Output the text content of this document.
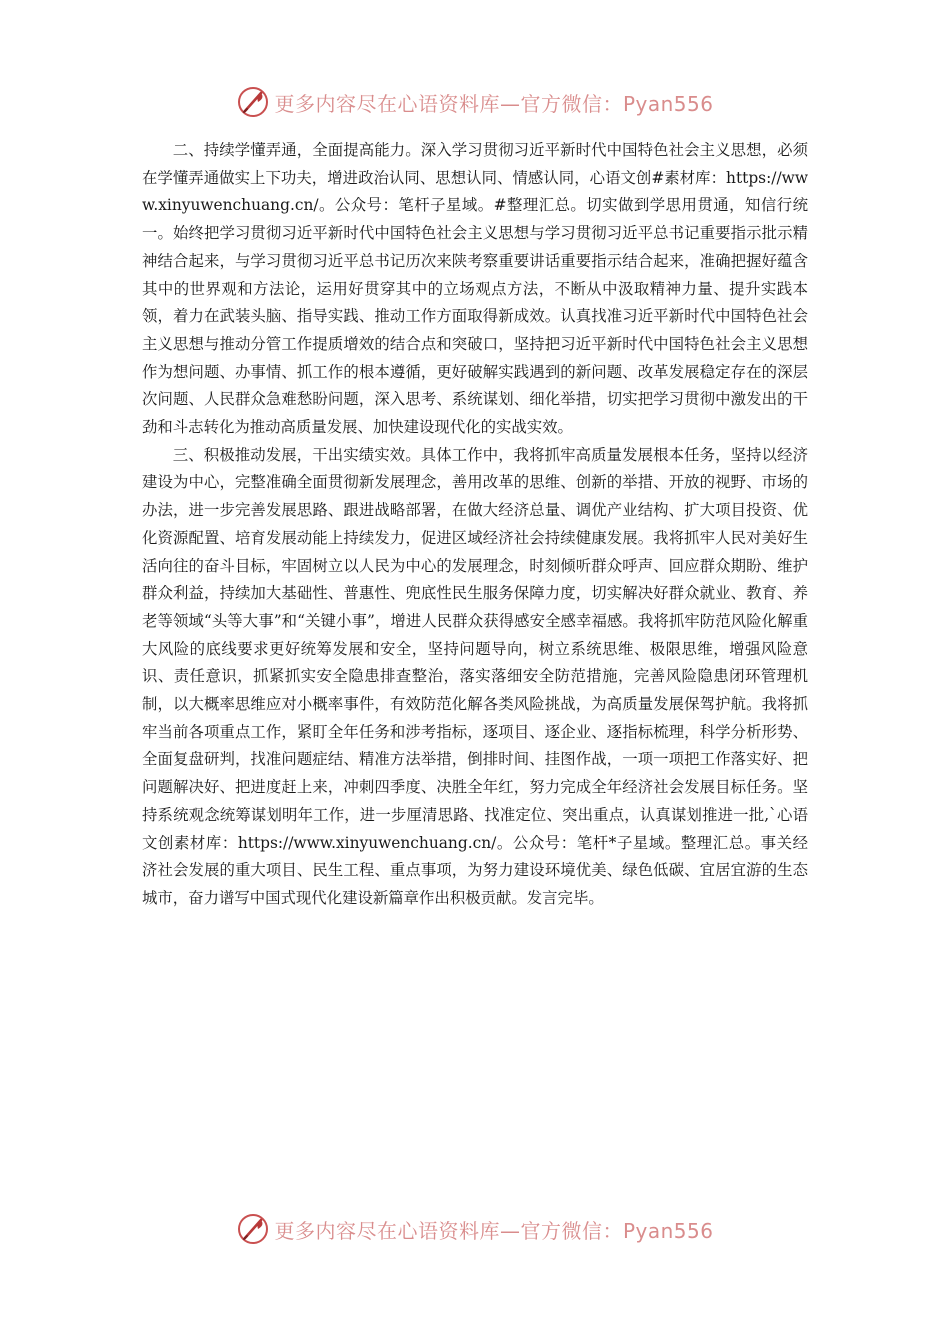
更多内容尽在心语资料库—官方微信：Pyan556

二、持续学懂弄通，全面提高能力。深入学习贯彻习近平新时代中国特色社会主义思想，必须在学懂弄通做实上下功夫，增进政治认同、思想认同、情感认同，心语文创#素材库：https://www.xinyuwenchuang.cn/。公众号：笔杆子星域。#整理汇总。切实做到学思用贯通，知信行统一。始终把学习贯彻习近平新时代中国特色社会主义思想与学习贯彻习近平总书记重要指示批示精神结合起来，与学习贯彻习近平总书记历次来陕考察重要讲话重要指示结合起来，准确把握好蕴含其中的世界观和方法论，运用好贯穿其中的立场观点方法，不断从中汲取精神力量、提升实践本领，着力在武装头脑、指导实践、推动工作方面取得新成效。认真找准习近平新时代中国特色社会主义思想与推动分管工作提质增效的结合点和突破口，坚持把习近平新时代中国特色社会主义思想作为想问题、办事情、抓工作的根本遵循，更好破解实践遇到的新问题、改革发展稳定存在的深层次问题、人民群众急难愁盼问题，深入思考、系统谋划、细化举措，切实把学习贯彻中激发出的干劲和斗志转化为推动高质量发展、加快建设现代化的实战实效。

三、积极推动发展，干出实绩实效。具体工作中，我将抓牢高质量发展根本任务，坚持以经济建设为中心，完整准确全面贯彻新发展理念，善用改革的思维、创新的举措、开放的视野、市场的办法，进一步完善发展思路、跟进战略部署，在做大经济总量、调优产业结构、扩大项目投资、优化资源配置、培育发展动能上持续发力，促进区域经济社会持续健康发展。我将抓牢人民对美好生活向往的奋斗目标，牢固树立以人民为中心的发展理念，时刻倾听群众呼声、回应群众期盼、维护群众利益，持续加大基础性、普惠性、兜底性民生服务保障力度，切实解决好群众就业、教育、养老等领域“头等大事”和“关键小事”，增进人民群众获得感安全感幸福感。我将抓牢防范风险化解重大风险的底线要求更好统筹发展和安全，坚持问题导向，树立系统思维、极限思维，增强风险意识、责任意识，抓紧抓实安全隐患排查整治，落实落细安全防范措施，完善风险隐患闭环管理机制，以大概率思维应对小概率事件，有效防范化解各类风险挑战，为高质量发展保驾护航。我将抓牢当前各项重点工作，紧盯全年任务和涉考指标，逐项目、逐企业、逐指标梳理，科学分析形势、全面复盘研判，找准问题症结、精准方法举措，倒排时间、挂图作战，一项一项把工作落实好、把问题解决好、把进度赶上来，冲刺四季度、决胜全年红，努力完成全年经济社会发展目标任务。坚持系统观念统筹谋划明年工作，进一步厘清思路、找准定位、突出重点，认真谋划推进一批,`心语文创素材库：https://www.xinyuwenchuang.cn/。公众号：笔杆*子星域。整理汇总。事关经济社会发展的重大项目、民生工程、重点事项，为努力建设环境优美、绿色低碳、宜居宜游的生态城市，奋力谱写中国式现代化建设新篇章作出积极贡献。发言完毕。

更多内容尽在心语资料库—官方微信：Pyan556
